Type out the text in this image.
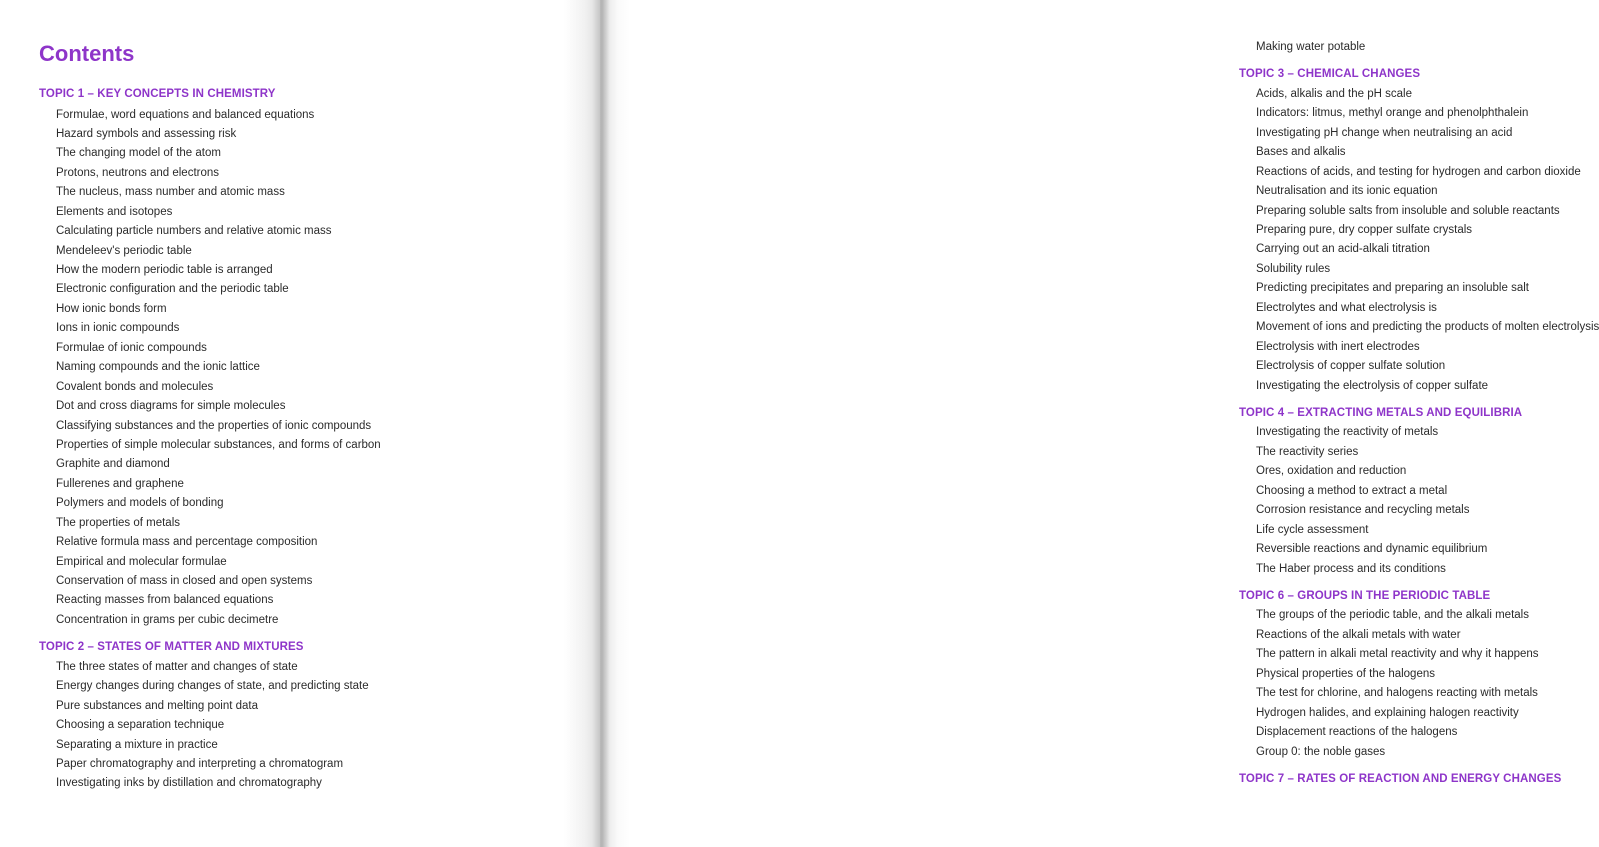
Contents
TOPIC 1 – KEY CONCEPTS IN CHEMISTRY
Formulae, word equations and balanced equations
Hazard symbols and assessing risk
The changing model of the atom
Protons, neutrons and electrons
The nucleus, mass number and atomic mass
Elements and isotopes
Calculating particle numbers and relative atomic mass
Mendeleev's periodic table
How the modern periodic table is arranged
Electronic configuration and the periodic table
How ionic bonds form
Ions in ionic compounds
Formulae of ionic compounds
Naming compounds and the ionic lattice
Covalent bonds and molecules
Dot and cross diagrams for simple molecules
Classifying substances and the properties of ionic compounds
Properties of simple molecular substances, and forms of carbon
Graphite and diamond
Fullerenes and graphene
Polymers and models of bonding
The properties of metals
Relative formula mass and percentage composition
Empirical and molecular formulae
Conservation of mass in closed and open systems
Reacting masses from balanced equations
Concentration in grams per cubic decimetre
TOPIC 2 – STATES OF MATTER AND MIXTURES
The three states of matter and changes of state
Energy changes during changes of state, and predicting state
Pure substances and melting point data
Choosing a separation technique
Separating a mixture in practice
Paper chromatography and interpreting a chromatogram
Investigating inks by distillation and chromatography
Making water potable
TOPIC 3 – CHEMICAL CHANGES
Acids, alkalis and the pH scale
Indicators: litmus, methyl orange and phenolphthalein
Investigating pH change when neutralising an acid
Bases and alkalis
Reactions of acids, and testing for hydrogen and carbon dioxide
Neutralisation and its ionic equation
Preparing soluble salts from insoluble and soluble reactants
Preparing pure, dry copper sulfate crystals
Carrying out an acid-alkali titration
Solubility rules
Predicting precipitates and preparing an insoluble salt
Electrolytes and what electrolysis is
Movement of ions and predicting the products of molten electrolysis
Electrolysis with inert electrodes
Electrolysis of copper sulfate solution
Investigating the electrolysis of copper sulfate
TOPIC 4 – EXTRACTING METALS AND EQUILIBRIA
Investigating the reactivity of metals
The reactivity series
Ores, oxidation and reduction
Choosing a method to extract a metal
Corrosion resistance and recycling metals
Life cycle assessment
Reversible reactions and dynamic equilibrium
The Haber process and its conditions
TOPIC 6 – GROUPS IN THE PERIODIC TABLE
The groups of the periodic table, and the alkali metals
Reactions of the alkali metals with water
The pattern in alkali metal reactivity and why it happens
Physical properties of the halogens
The test for chlorine, and halogens reacting with metals
Hydrogen halides, and explaining halogen reactivity
Displacement reactions of the halogens
Group 0: the noble gases
TOPIC 7 – RATES OF REACTION AND ENERGY CHANGES
